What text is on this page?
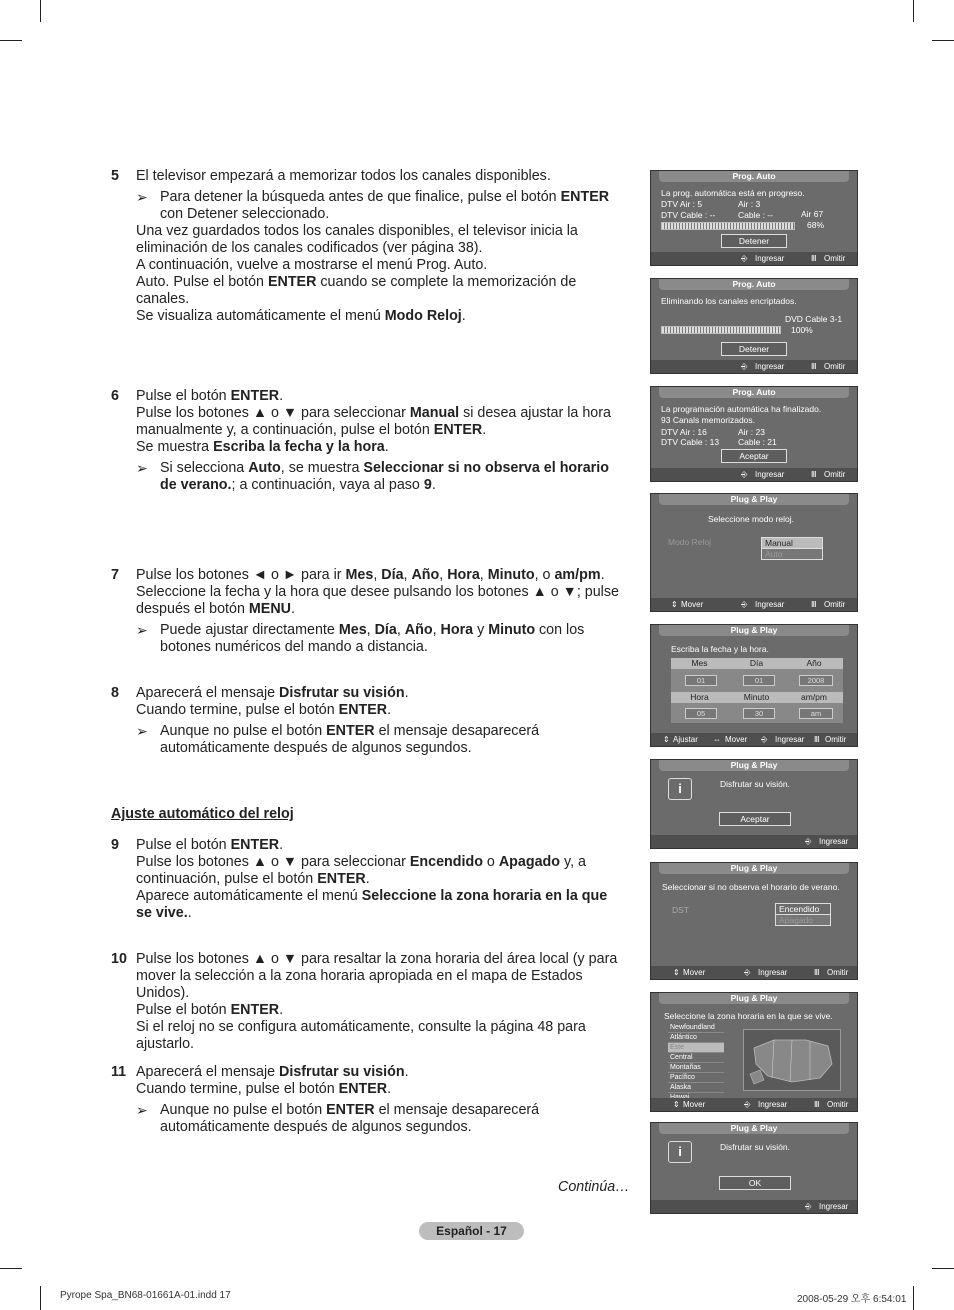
5	El televisor empezará a memorizar todos los canales disponibles.
➢ Para detener la búsqueda antes de que finalice, pulse el botón ENTER con Detener seleccionado.
Una vez guardados todos los canales disponibles, el televisor inicia la eliminación de los canales codificados (ver página 38).
A continuación, vuelve a mostrarse el menú Prog. Auto.
Auto. Pulse el botón ENTER cuando se complete la memorización de canales.
Se visualiza automáticamente el menú Modo Reloj.
6	Pulse el botón ENTER.
Pulse los botones ▲ o ▼ para seleccionar Manual si desea ajustar la hora manualmente y, a continuación, pulse el botón ENTER.
Se muestra Escriba la fecha y la hora.
➢ Si selecciona Auto, se muestra Seleccionar si no observa el horario de verano.; a continuación, vaya al paso 9.
7	Pulse los botones ◄ o ► para ir Mes, Día, Año, Hora, Minuto, o am/pm.
Seleccione la fecha y la hora que desee pulsando los botones ▲ o ▼; pulse después el botón MENU.
➢ Puede ajustar directamente Mes, Día, Año, Hora y Minuto con los botones numéricos del mando a distancia.
8	Aparecerá el mensaje Disfrutar su visión.
Cuando termine, pulse el botón ENTER.
➢ Aunque no pulse el botón ENTER el mensaje desaparecerá automáticamente después de algunos segundos.
9	Pulse el botón ENTER.
Pulse los botones ▲ o ▼ para seleccionar Encendido o Apagado y, a continuación, pulse el botón ENTER.
Aparece automáticamente el menú Seleccione la zona horaria en la que se vive..
10 Pulse los botones ▲ o ▼ para resaltar la zona horaria del área local (y para mover la selección a la zona horaria apropiada en el mapa de Estados Unidos).
Pulse el botón ENTER.
Si el reloj no se configura automáticamente, consulte la página 48 para ajustarlo.
11 Aparecerá el mensaje Disfrutar su visión.
Cuando termine, pulse el botón ENTER.
➢ Aunque no pulse el botón ENTER el mensaje desaparecerá automáticamente después de algunos segundos.
Ajuste automático del reloj
Continúa…
Español - 17
Pyrope Spa_BN68-01661A-01.indd 17	2008-05-29 오후 6:54:01
Prog. Auto
La prog. automática está en progreso.
DTV Air : 5	Air : 3
DTV Cable : --	Cable : --	Air 67
68%
Detener
⎆ Ingresar	Ⅲ Omitir
Prog. Auto
Eliminando los canales encriptados.
DVD Cable 3-1
100%
Detener
⎆ Ingresar	Ⅲ Omitir
Prog. Auto
La programación automática ha finalizado.
93 Canals memorizados.
DTV Air : 16	Air : 23
DTV Cable : 13 Cable : 21
Aceptar
⎆ Ingresar	Ⅲ Omitir
Plug & Play
Seleccione modo reloj.
Modo Reloj	Manual
Auto
⇕ Mover	⎆ Ingresar	Ⅲ Omitir
Plug & Play
Escriba la fecha y la hora.
Mes	Día	Año
01	01	2008
Hora	Minuto	am/pm
05	30	am
⇕ Ajustar ⇔ Mover ⎆ Ingresar Ⅲ Omitir
Plug & Play
i	Disfrutar su visión.
Aceptar
⎆ Ingresar
Plug & Play
Seleccionar si no observa el horario de verano.
DST	Encendido
Apagado
⇕ Mover	⎆ Ingresar	Ⅲ Omitir
Plug & Play
Seleccione la zona horaria en la que se vive.
Newfoundland
Atlántico
Este
Central
Montañas
Pacífico
Alaska
⇕ Mover	⎆ Ingresar	Ⅲ Omitir
Plug & Play
i	Disfrutar su visión.
OK
⎆ Ingresar
